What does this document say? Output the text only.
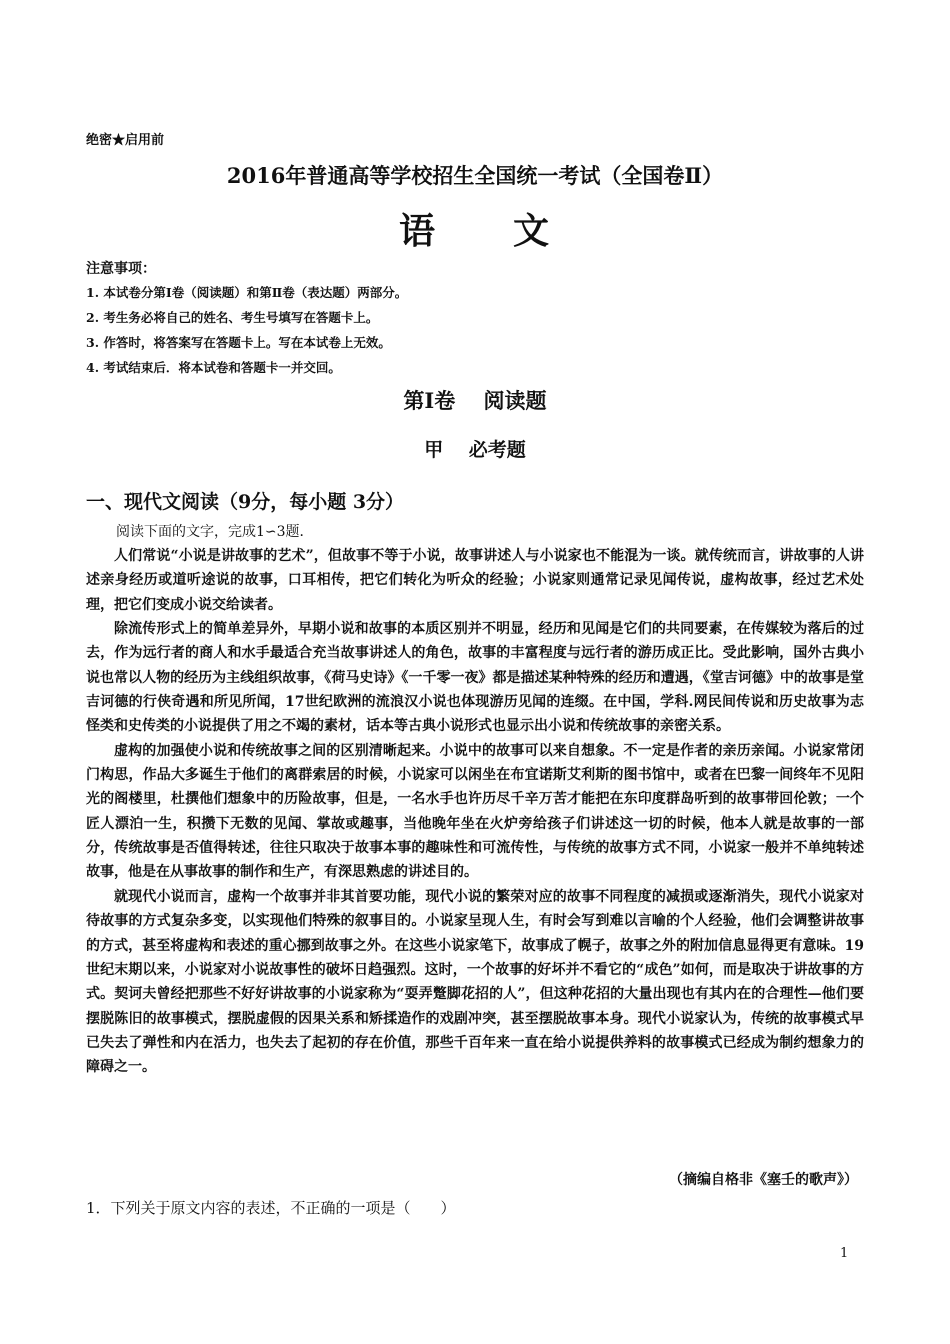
绝密★启用前
2016年普通高等学校招生全国统一考试（全国卷Ⅱ）
语　　文
注意事项：
1. 本试卷分第Ⅰ卷（阅读题）和第Ⅱ卷（表达题）两部分。
2. 考生务必将自己的姓名、考生号填写在答题卡上。
3. 作答时，将答案写在答题卡上。写在本试卷上无效。
4. 考试结束后．将本试卷和答题卡一并交回。
第Ⅰ卷　 阅读题
甲　 必考题
一、现代文阅读（9分，每小题 3分）
阅读下面的文字，完成1∽3题．

人们常说“小说是讲故事的艺术”，但故事不等于小说，故事讲述人与小说家也不能混为一谈。就传统而言，讲故事的人讲述亲身经历或道听途说的故事，口耳相传，把它们转化为听众的经验；小说家则通常记录见闻传说，虚构故事，经过艺术处理，把它们变成小说交给读者。

除流传形式上的简单差异外，早期小说和故事的本质区别并不明显，经历和见闻是它们的共同要素，在传媒较为落后的过去，作为远行者的商人和水手最适合充当故事讲述人的角色，故事的丰富程度与远行者的游历成正比。受此影响，国外古典小说也常以人物的经历为主线组织故事，《荷马史诗》《一千零一夜》都是描述某种特殊的经历和遭遇，《堂吉诃德》中的故事是堂吉诃德的行侠奇遇和所见所闻，17世纪欧洲的流浪汉小说也体现游历见闻的连缀。在中国，学科.网民间传说和历史故事为志怪类和史传类的小说提供了用之不竭的素材，话本等古典小说形式也显示出小说和传统故事的亲密关系。

虚构的加强使小说和传统故事之间的区别清晰起来。小说中的故事可以来自想象。不一定是作者的亲历亲闻。小说家常闭门构思，作品大多诞生于他们的离群索居的时候，小说家可以闲坐在布宜诺斯艾利斯的图书馆中，或者在巴黎一间终年不见阳光的阁楼里，杜撰他们想象中的历险故事，但是，一名水手也许历尽千辛万苦才能把在东印度群岛听到的故事带回伦敦；一个匠人漂泊一生，积攒下无数的见闻、掌故或趣事，当他晚年坐在火炉旁给孩子们讲述这一切的时候，他本人就是故事的一部分，传统故事是否值得转述，往往只取决于故事本事的趣味性和可流传性，与传统的故事方式不同，小说家一般并不单纯转述故事，他是在从事故事的制作和生产，有深思熟虑的讲述目的。

就现代小说而言，虚构一个故事并非其首要功能，现代小说的繁荣对应的故事不同程度的减损或逐渐消失，现代小说家对待故事的方式复杂多变，以实现他们特殊的叙事目的。小说家呈现人生，有时会写到难以言喻的个人经验，他们会调整讲故事的方式，甚至将虚构和表述的重心挪到故事之外。在这些小说家笔下，故事成了幌子，故事之外的附加信息显得更有意味。19世纪末期以来，小说家对小说故事性的破坏日趋强烈。这时，一个故事的好坏并不看它的“成色”如何，而是取决于讲故事的方式。契诃夫曾经把那些不好好讲故事的小说家称为“耍弄蹩脚花招的人”，但这种花招的大量出现也有其内在的合理性—他们要摆脱陈旧的故事模式，摆脱虚假的因果关系和矫揉造作的戏剧冲突，甚至摆脱故事本身。现代小说家认为，传统的故事模式早已失去了弹性和内在活力，也失去了起初的存在价值，那些千百年来一直在给小说提供养料的故事模式已经成为制约想象力的障碍之一。

（摘编自格非《塞壬的歌声》）
1．下列关于原文内容的表述，不正确的一项是（　　）
1
